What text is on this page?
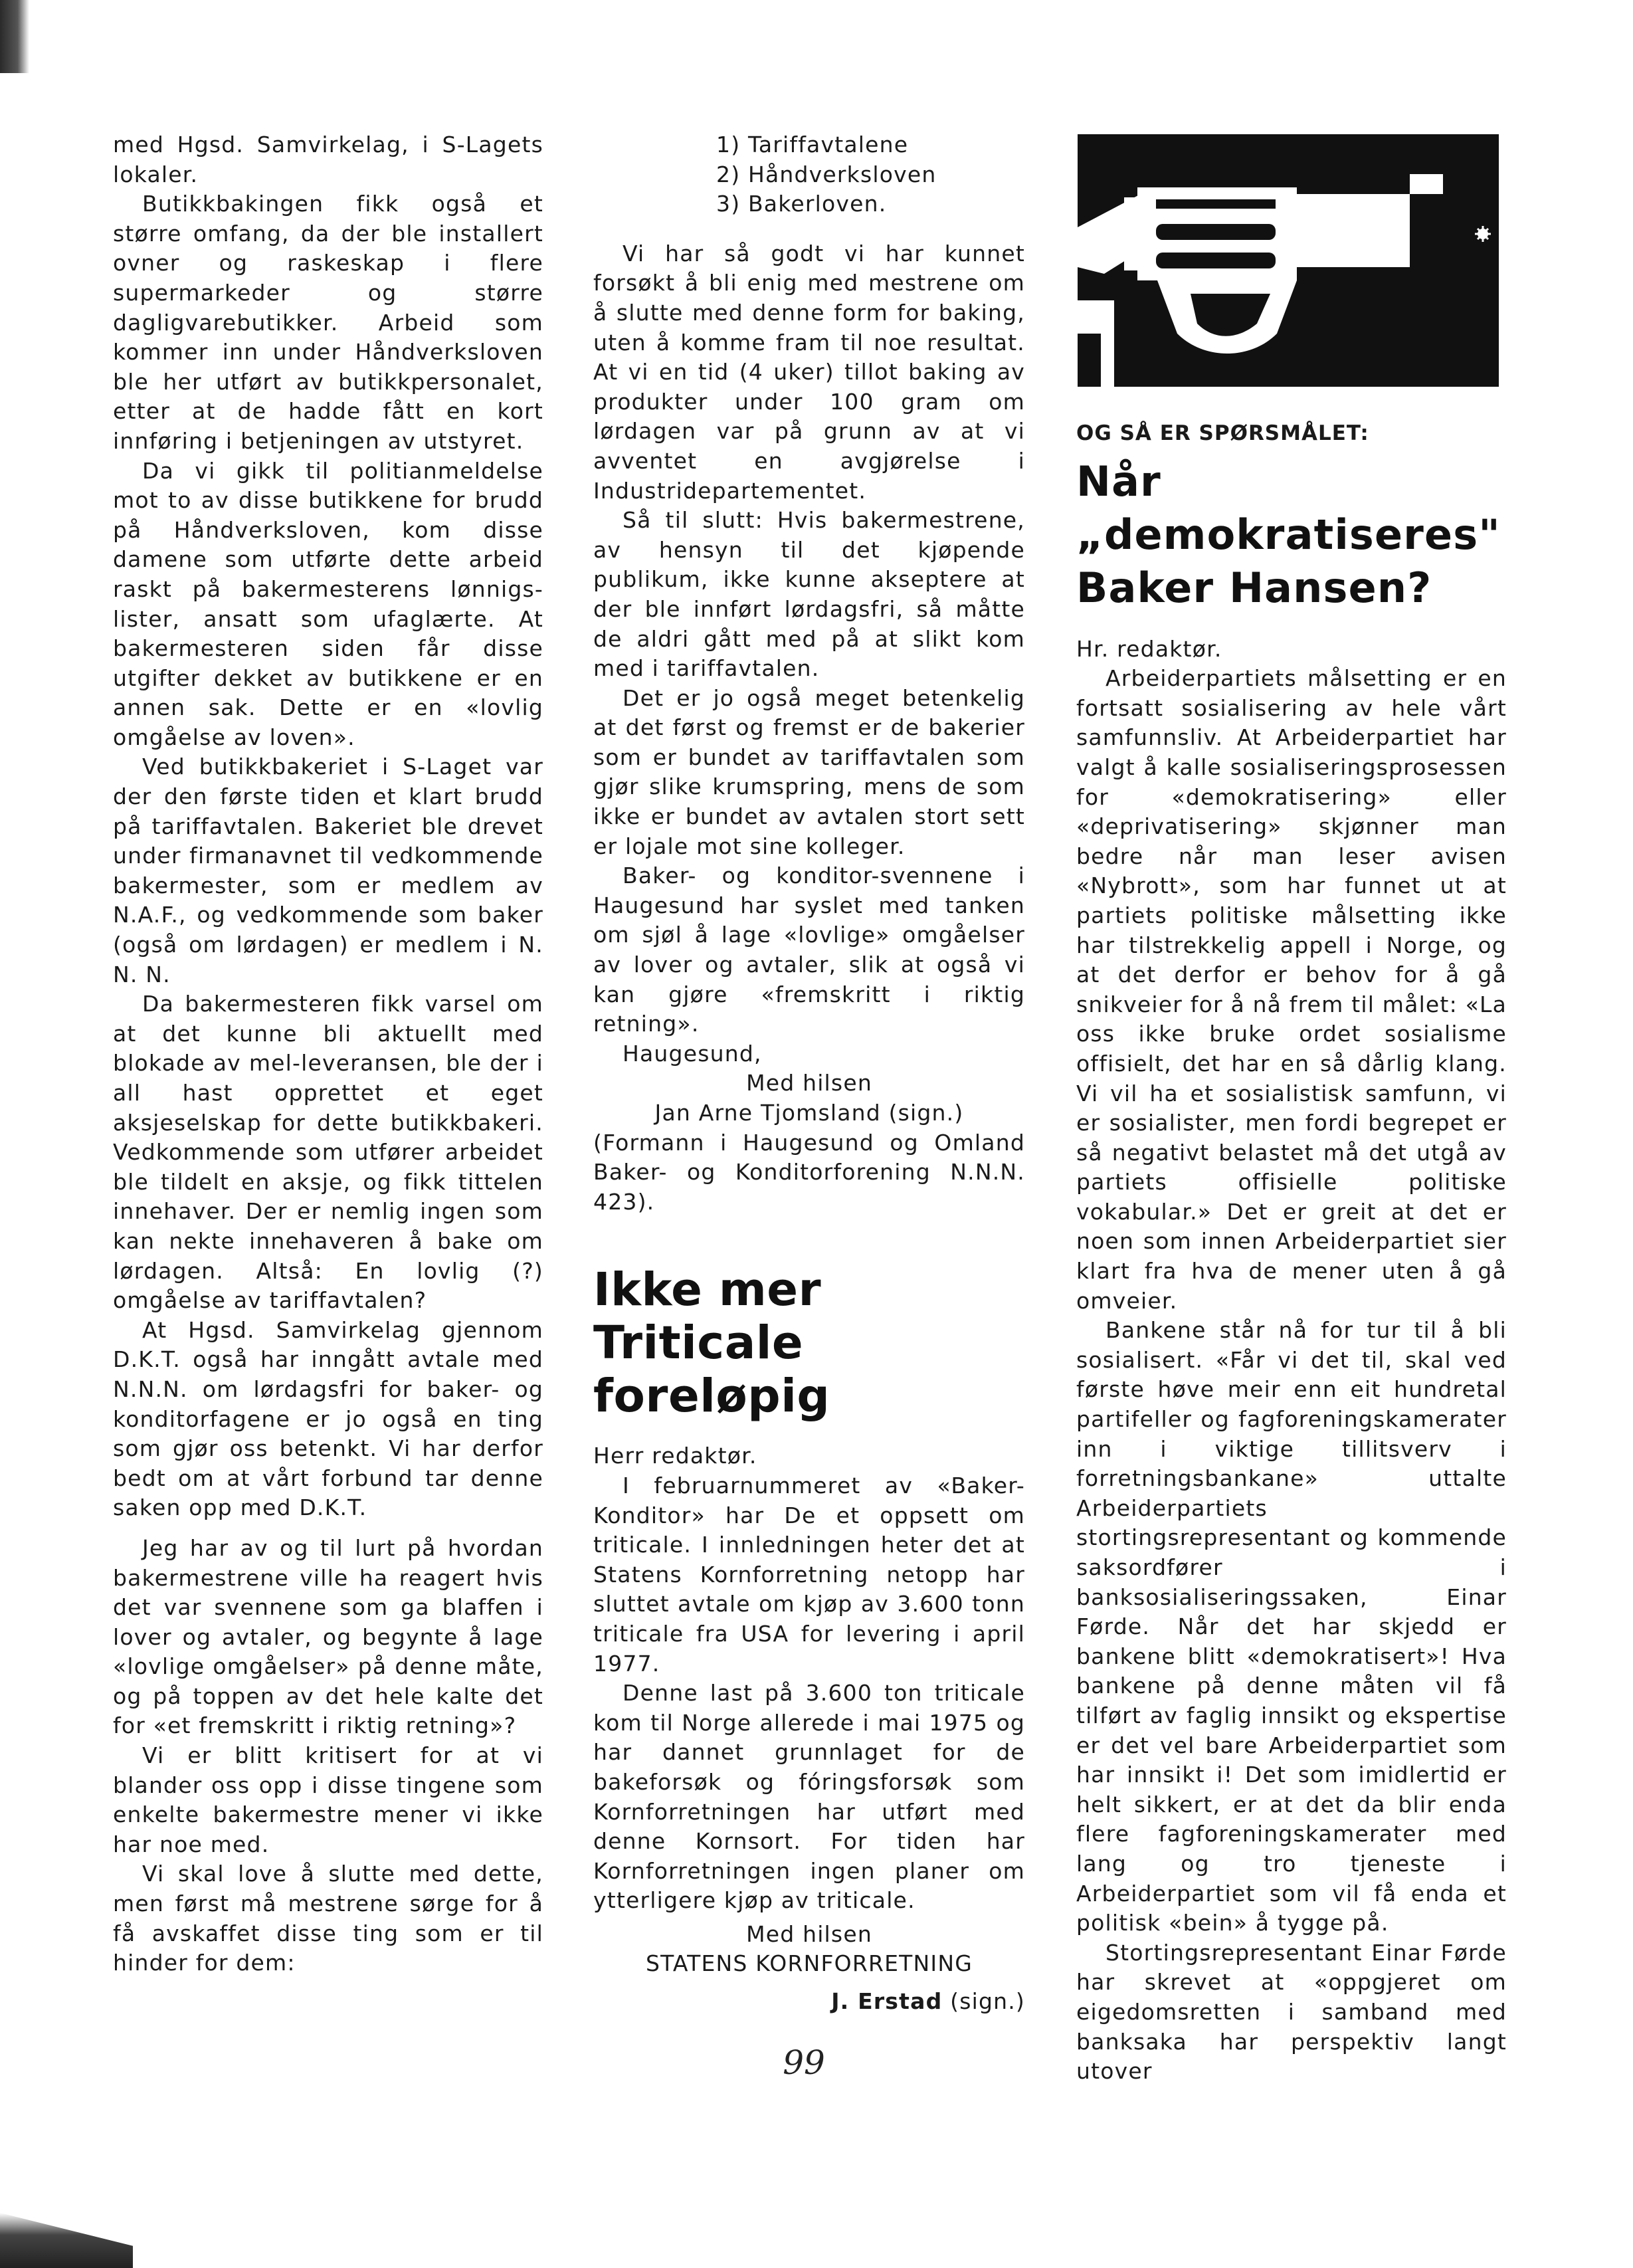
med Hgsd. Samvirkelag, i S-Lagets lokaler.

Butikkbakingen fikk også et større omfang, da der ble installert ovner og raskeskap i flere supermarkeder og større dagligvarebutikker. Arbeid som kommer inn under Håndverksloven ble her utført av butikkpersonalet, etter at de hadde fått en kort innføring i betjeningen av utstyret.

Da vi gikk til politianmeldelse mot to av disse butikkene for brudd på Håndverksloven, kom disse damene som utførte dette arbeid raskt på bakermesterens lønnigs-lister, ansatt som ufaglærte. At bakermesteren siden får disse utgifter dekket av butikkene er en annen sak. Dette er en «lovlig omgåelse av loven».

Ved butikkbakeriet i S-Laget var der den første tiden et klart brudd på tariffavtalen. Bakeriet ble drevet under firmanavnet til vedkommende bakermester, som er medlem av N.A.F., og vedkommende som baker (også om lørdagen) er medlem i N. N. N.

Da bakermesteren fikk varsel om at det kunne bli aktuellt med blokade av mel-leveransen, ble der i all hast opprettet et eget aksjeselskap for dette butikkbakeri. Vedkommende som utfører arbeidet ble tildelt en aksje, og fikk tittelen innehaver. Der er nemlig ingen som kan nekte innehaveren å bake om lørdagen. Altså: En lovlig (?) omgåelse av tariffavtalen?

At Hgsd. Samvirkelag gjennom D.K.T. også har inngått avtale med N.N.N. om lørdagsfri for baker- og konditorfagene er jo også en ting som gjør oss betenkt. Vi har derfor bedt om at vårt forbund tar denne saken opp med D.K.T.

Jeg har av og til lurt på hvordan bakermestrene ville ha reagert hvis det var svennene som ga blaffen i lover og avtaler, og begynte å lage «lovlige omgåelser» på denne måte, og på toppen av det hele kalte det for «et fremskritt i riktig retning»?

Vi er blitt kritisert for at vi blander oss opp i disse tingene som enkelte bakermestre mener vi ikke har noe med.

Vi skal love å slutte med dette, men først må mestrene sørge for å få avskaffet disse ting som er til hinder for dem:

1) Tariffavtalene

2) Håndverksloven

3) Bakerloven.

Vi har så godt vi har kunnet forsøkt å bli enig med mestrene om å slutte med denne form for baking, uten å komme fram til noe resultat. At vi en tid (4 uker) tillot baking av produkter under 100 gram om lørdagen var på grunn av at vi avventet en avgjørelse i Industridepartementet.

Så til slutt: Hvis bakermestrene, av hensyn til det kjøpende publikum, ikke kunne akseptere at der ble innført lørdagsfri, så måtte de aldri gått med på at slikt kom med i tariffavtalen.

Det er jo også meget betenkelig at det først og fremst er de bakerier som er bundet av tariffavtalen som gjør slike krumspring, mens de som ikke er bundet av avtalen stort sett er lojale mot sine kolleger.

Baker- og konditor-svennene i Haugesund har syslet med tanken om sjøl å lage «lovlige» omgåelser av lover og avtaler, slik at også vi kan gjøre «fremskritt i riktig retning».

Haugesund,

Med hilsen

Jan Arne Tjomsland (sign.)

(Formann i Haugesund og Omland Baker- og Konditorforening N.N.N. 423).

Ikke mer Triticale foreløpig

Herr redaktør.

I februarnummeret av «Baker-Konditor» har De et oppsett om triticale. I innledningen heter det at Statens Kornforretning netopp har sluttet avtale om kjøp av 3.600 tonn triticale fra USA for levering i april 1977.

Denne last på 3.600 ton triticale kom til Norge allerede i mai 1975 og har dannet grunnlaget for de bakeforsøk og fóringsforsøk som Kornforretningen har utført med denne Kornsort. For tiden har Kornforretningen ingen planer om ytterligere kjøp av triticale.

Med hilsen

STATENS KORNFORRETNING

J. Erstad (sign.)

OG SÅ ER SPØRSMÅLET:

Når „demokratiseres" Baker Hansen?

Hr. redaktør.

Arbeiderpartiets målsetting er en fortsatt sosialisering av hele vårt samfunnsliv. At Arbeiderpartiet har valgt å kalle sosialiseringsprosessen for «demokratisering» eller «deprivatisering» skjønner man bedre når man leser avisen «Nybrott», som har funnet ut at partiets politiske målsetting ikke har tilstrekkelig appell i Norge, og at det derfor er behov for å gå snikveier for å nå frem til målet: «La oss ikke bruke ordet sosialisme offisielt, det har en så dårlig klang. Vi vil ha et sosialistisk samfunn, vi er sosialister, men fordi begrepet er så negativt belastet må det utgå av partiets offisielle politiske vokabular.» Det er greit at det er noen som innen Arbeiderpartiet sier klart fra hva de mener uten å gå omveier.

Bankene står nå for tur til å bli sosialisert. «Får vi det til, skal ved første høve meir enn eit hundretal partifeller og fagforeningskamerater inn i viktige tillitsverv i forretningsbankane» uttalte Arbeiderpartiets stortingsrepresentant og kommende saksordfører i banksosialiseringssaken, Einar Førde. Når det har skjedd er bankene blitt «demokratisert»! Hva bankene på denne måten vil få tilført av faglig innsikt og ekspertise er det vel bare Arbeiderpartiet som har innsikt i! Det som imidlertid er helt sikkert, er at det da blir enda flere fagforeningskamerater med lang og tro tjeneste i Arbeiderpartiet som vil få enda et politisk «bein» å tygge på.

Stortingsrepresentant Einar Førde har skrevet at «oppgjeret om eigedomsretten i samband med banksaka har perspektiv langt utover

99
